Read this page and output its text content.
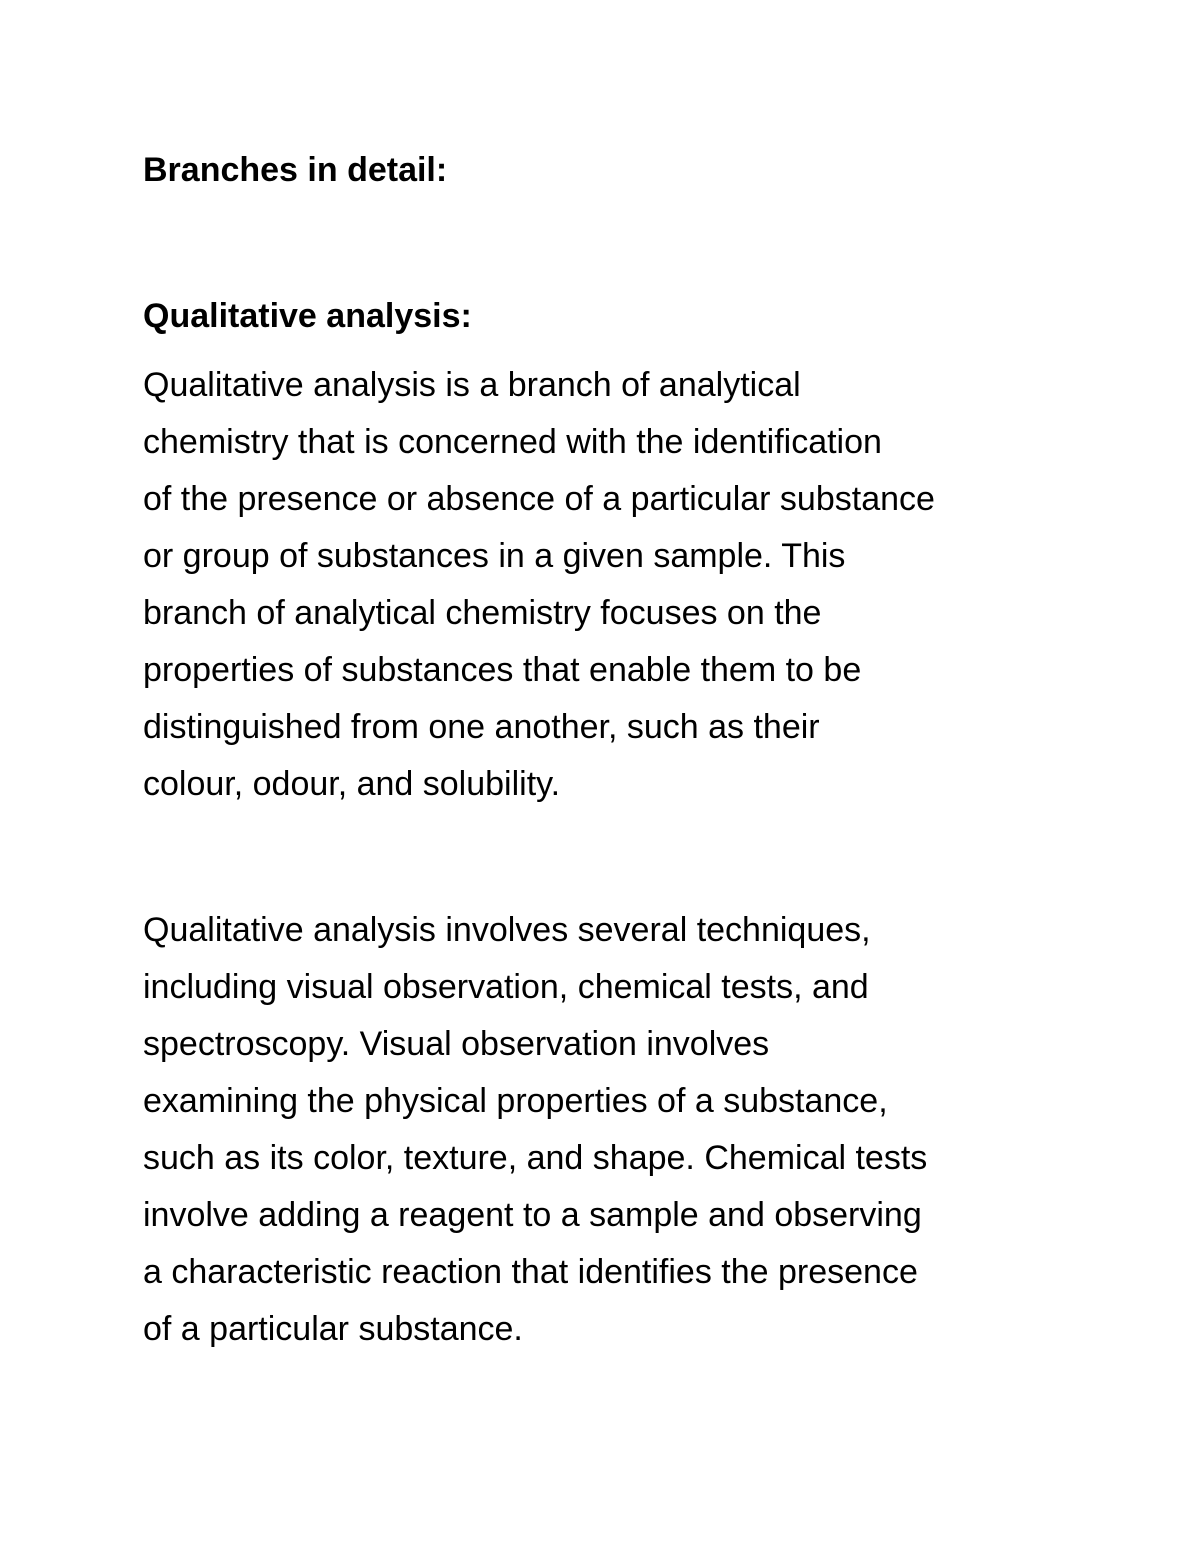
Branches in detail:
Qualitative analysis:

Qualitative analysis is a branch of analytical
chemistry that is concerned with the identification
of the presence or absence of a particular substance
or group of substances in a given sample. This
branch of analytical chemistry focuses on the
properties of substances that enable them to be
distinguished from one another, such as their
colour, odour, and solubility.

Qualitative analysis involves several techniques,
including visual observation, chemical tests, and
spectroscopy. Visual observation involves
examining the physical properties of a substance,
such as its color, texture, and shape. Chemical tests
involve adding a reagent to a sample and observing
a characteristic reaction that identifies the presence
of a particular substance.
